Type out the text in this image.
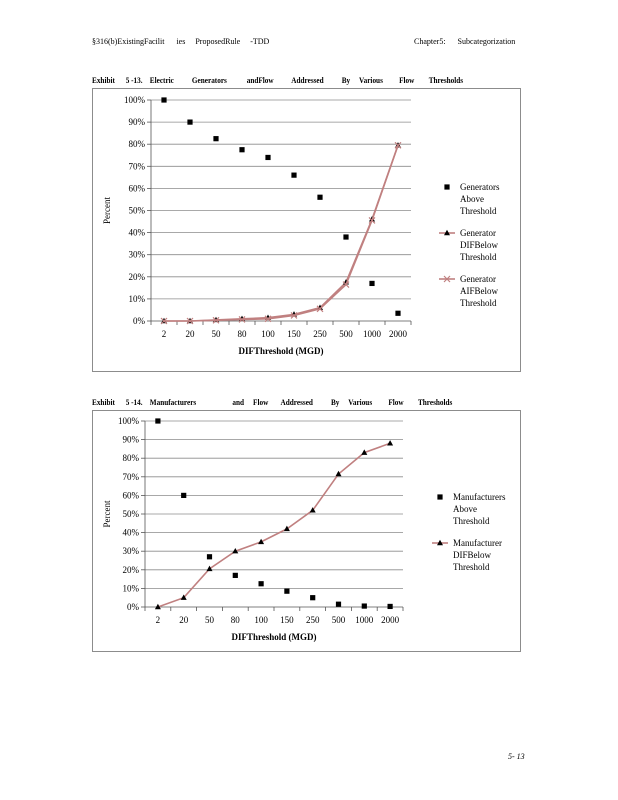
§316(b)ExistingFacilit      ies     ProposedRule     -TDD	Chapter5:      Subcategorization
Exhibit      5 -13.    Electric          Generators           andFlow          Addressed          By     Various         Flow        Thresholds
0%
10%
20%
30%
40%
50%
60%
70%
80%
90%
100%
2 20 50 80 100 150 250 500 1000 2000
DIFThreshold (MGD)
Percent
Generators
Above
Threshold
Generator
DIFBelow
Threshold
Generator
AIFBelow
Threshold
Exhibit      5 -14.    Manufacturers                    and     Flow       Addressed          By     Various         Flow        Thresholds
0%
10%
20%
30%
40%
50%
60%
70%
80%
90%
100%
2 20 50 80 100 150 250 500 1000 2000
DIFThreshold (MGD)
Percent
Manufacturers
Above
Threshold
Manufacturer
DIFBelow
Threshold
5- 13
